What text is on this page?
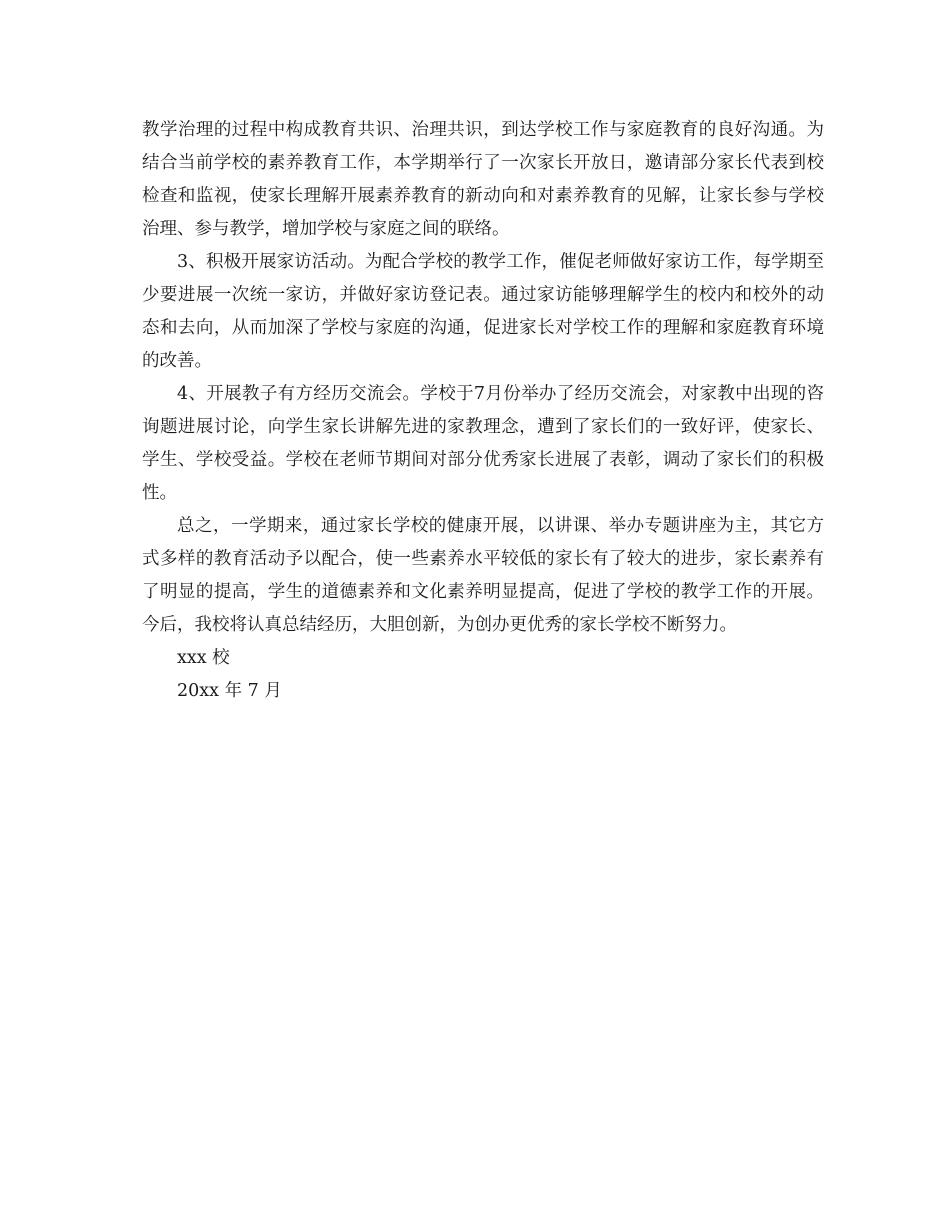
教学治理的过程中构成教育共识、治理共识，到达学校工作与家庭教育的良好沟通。为结合当前学校的素养教育工作，本学期举行了一次家长开放日，邀请部分家长代表到校检查和监视，使家长理解开展素养教育的新动向和对素养教育的见解，让家长参与学校治理、参与教学，增加学校与家庭之间的联络。

3、积极开展家访活动。为配合学校的教学工作，催促老师做好家访工作，每学期至少要进展一次统一家访，并做好家访登记表。通过家访能够理解学生的校内和校外的动态和去向，从而加深了学校与家庭的沟通，促进家长对学校工作的理解和家庭教育环境的改善。

4、开展教子有方经历交流会。学校于7月份举办了经历交流会，对家教中出现的咨询题进展讨论，向学生家长讲解先进的家教理念，遭到了家长们的一致好评，使家长、学生、学校受益。学校在老师节期间对部分优秀家长进展了表彰，调动了家长们的积极性。

总之，一学期来，通过家长学校的健康开展，以讲课、举办专题讲座为主，其它方式多样的教育活动予以配合，使一些素养水平较低的家长有了较大的进步，家长素养有了明显的提高，学生的道德素养和文化素养明显提高，促进了学校的教学工作的开展。今后，我校将认真总结经历，大胆创新，为创办更优秀的家长学校不断努力。

xxx 校

20xx 年 7 月
